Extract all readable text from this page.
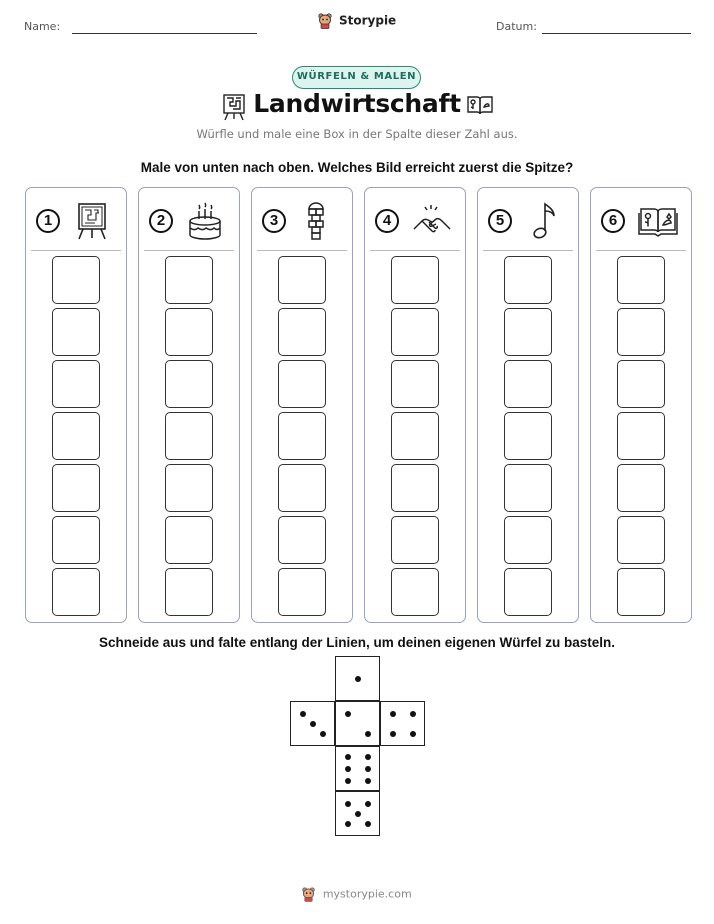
Name:	Storypie	Datum:
WÜRFELN & MALEN
Landwirtschaft
Würfle und male eine Box in der Spalte dieser Zahl aus.
Male von unten nach oben. Welches Bild erreicht zuerst die Spitze?
1	2	3	4	5	6
Schneide aus und falte entlang der Linien, um deinen eigenen Würfel zu basteln.
mystorypie.com
